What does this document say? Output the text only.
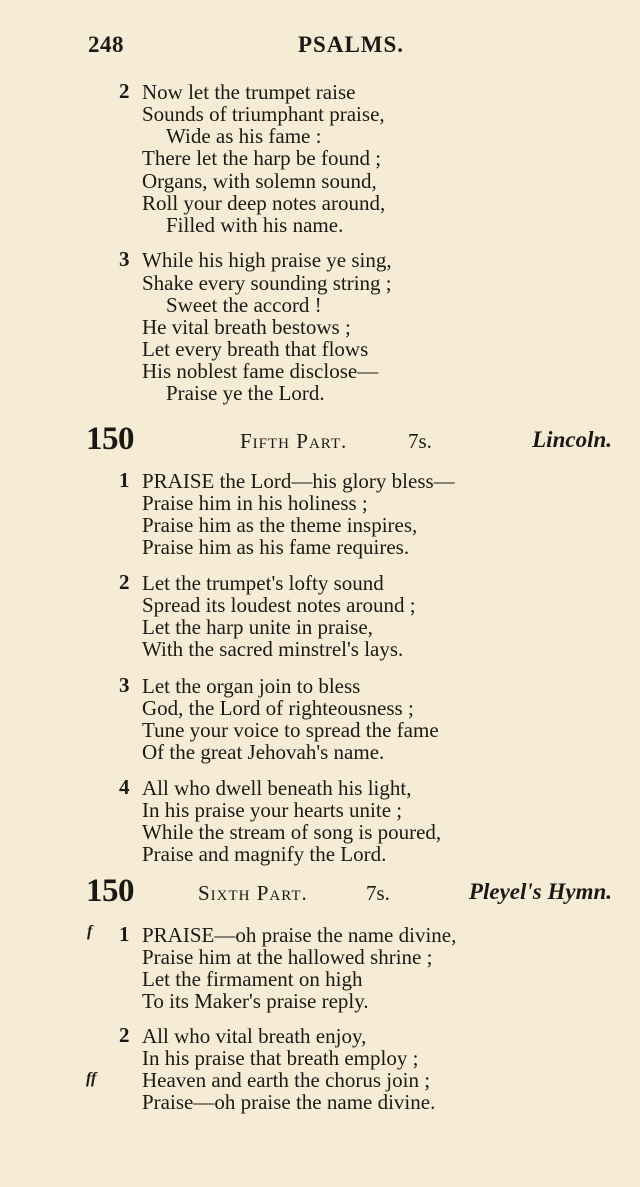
248	PSALMS.
2 Now let the trumpet raise
Sounds of triumphant praise,
Wide as his fame :
There let the harp be found ;
Organs, with solemn sound,
Roll your deep notes around,
Filled with his name.
3 While his high praise ye sing,
Shake every sounding string ;
Sweet the accord !
He vital breath bestows ;
Let every breath that flows
His noblest fame disclose—
Praise ye the Lord.
150	Fifth Part.	7s.	Lincoln.
1 PRAISE the Lord—his glory bless—
Praise him in his holiness ;
Praise him as the theme inspires,
Praise him as his fame requires.
2 Let the trumpet's lofty sound
Spread its loudest notes around ;
Let the harp unite in praise,
With the sacred minstrel's lays.
3 Let the organ join to bless
God, the Lord of righteousness ;
Tune your voice to spread the fame
Of the great Jehovah's name.
4 All who dwell beneath his light,
In his praise your hearts unite ;
While the stream of song is poured,
Praise and magnify the Lord.
150	Sixth Part.	7s.	Pleyel's Hymn.
f 1 PRAISE—oh praise the name divine,
Praise him at the hallowed shrine ;
Let the firmament on high
To its Maker's praise reply.
2 All who vital breath enjoy,
In his praise that breath employ ;
ff Heaven and earth the chorus join ;
Praise—oh praise the name divine.
